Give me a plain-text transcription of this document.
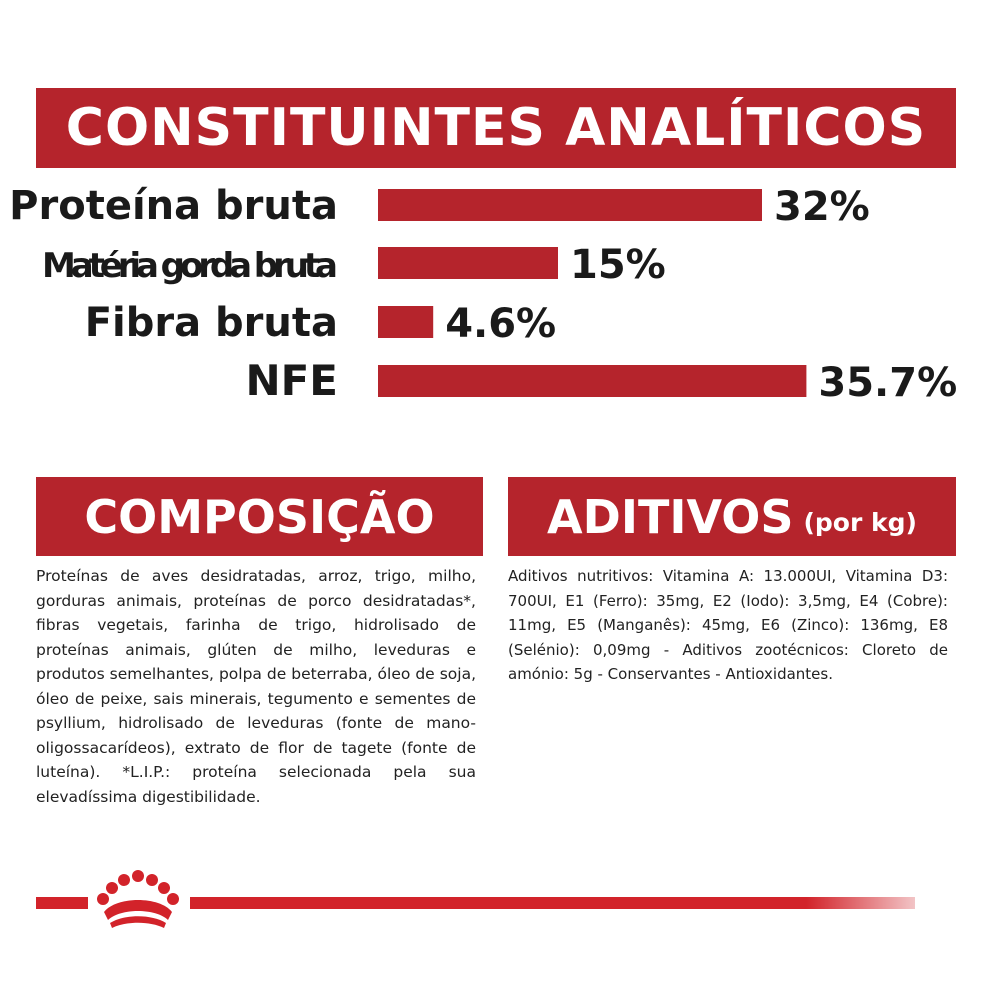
CONSTITUINTES ANALÍTICOS
Proteína bruta	32%
Matéria gorda bruta	15%
Fibra bruta	4.6%
NFE	35.7%
COMPOSIÇÃO ADITIVOS (por kg)

Proteínas de aves desidratadas, arroz, trigo, milho, gorduras animais, proteínas de porco desidratadas*, fibras vegetais, farinha de trigo, hidrolisado de proteínas animais, glúten de milho, leveduras e produtos semelhantes, polpa de beterraba, óleo de soja, óleo de peixe, sais minerais, tegumento e sementes de psyllium, hidrolisado de leveduras (fonte de mano-oligossacarídeos), extrato de flor de tagete (fonte de luteína). *L.I.P.: proteína selecionada pela sua elevadíssima digestibilidade.

Aditivos nutritivos: Vitamina A: 13.000UI, Vitamina D3: 700UI, E1 (Ferro): 35mg, E2 (Iodo): 3,5mg, E4 (Cobre): 11mg, E5 (Manganês): 45mg, E6 (Zinco): 136mg, E8 (Selénio): 0,09mg - Aditivos zootécnicos: Cloreto de amónio: 5g - Conservantes - Antioxidantes.
